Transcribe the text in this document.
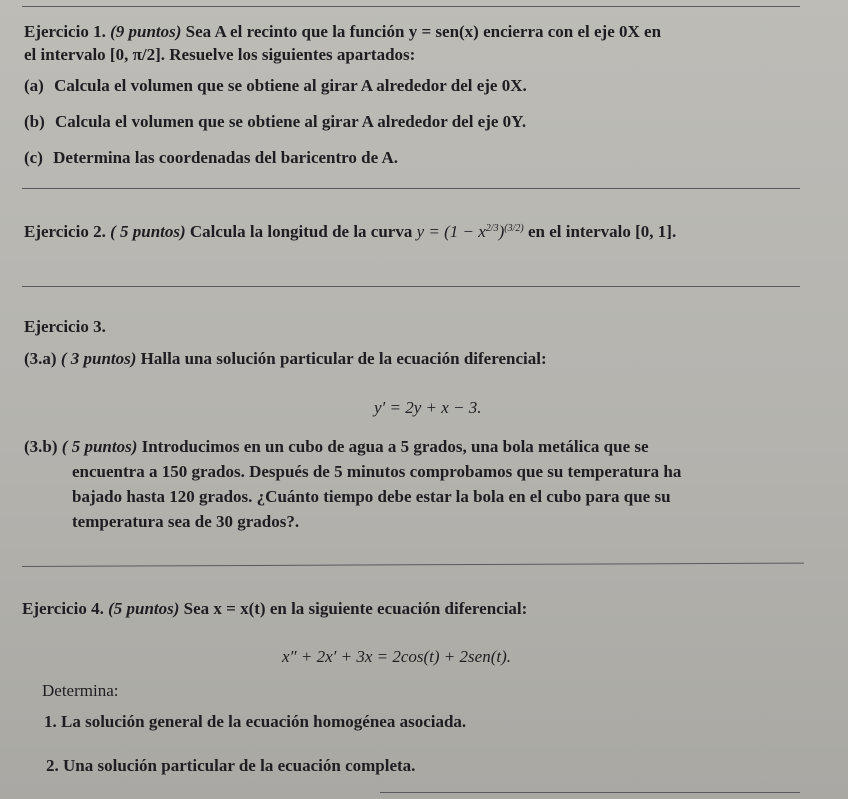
Ejercicio 1. (9 puntos) Sea A el recinto que la función y = sen(x) encierra con el eje 0X en
el intervalo [0, π/2]. Resuelve los siguientes apartados:
(a) Calcula el volumen que se obtiene al girar A alrededor del eje 0X.
(b) Calcula el volumen que se obtiene al girar A alrededor del eje 0Y.
(c) Determina las coordenadas del baricentro de A.
Ejercicio 2. ( 5 puntos) Calcula la longitud de la curva $y = (1 - x^{2/3})^{(3/2)}$ en el intervalo [0, 1].
Ejercicio 3.
(3.a) ( 3 puntos) Halla una solución particular de la ecuación diferencial:
y′ = 2y + x − 3.
(3.b) ( 5 puntos) Introducimos en un cubo de agua a 5 grados, una bola metálica que se
encuentra a 150 grados. Después de 5 minutos comprobamos que su temperatura ha
bajado hasta 120 grados. ¿Cuánto tiempo debe estar la bola en el cubo para que su
temperatura sea de 30 grados?.
Ejercicio 4. (5 puntos) Sea x = x(t) en la siguiente ecuación diferencial:
x″ + 2x′ + 3x = 2cos(t) + 2sen(t).
Determina:
1. La solución general de la ecuación homogénea asociada.
2. Una solución particular de la ecuación completa.
